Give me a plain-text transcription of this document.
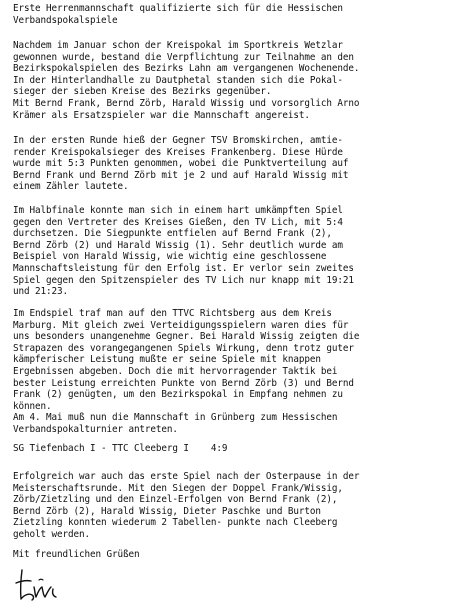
Erste Herrenmannschaft qualifizierte sich für die Hessischen
Verbandspokalspiele

Nachdem im Januar schon der Kreispokal im Sportkreis Wetzlar
gewonnen wurde, bestand die Verpflichtung zur Teilnahme an den
Bezirkspokalspielen des Bezirks Lahn am vergangenen Wochenende.
In der Hinterlandhalle zu Dautphetal standen sich die Pokal-
sieger der sieben Kreise des Bezirks gegenüber.
Mit Bernd Frank, Bernd Zörb, Harald Wissig und vorsorglich Arno
Krämer als Ersatzspieler war die Mannschaft angereist.

In der ersten Runde hieß der Gegner TSV Bromskirchen, amtie-
render Kreispokalsieger des Kreises Frankenberg. Diese Hürde
wurde mit 5:3 Punkten genommen, wobei die Punktverteilung auf
Bernd Frank und Bernd Zörb mit je 2 und auf Harald Wissig mit
einem Zähler lautete.

Im Halbfinale konnte man sich in einem hart umkämpften Spiel
gegen den Vertreter des Kreises Gießen, den TV Lich, mit 5:4
durchsetzen. Die Siegpunkte entfielen auf Bernd Frank (2),
Bernd Zörb (2) und Harald Wissig (1). Sehr deutlich wurde am
Beispiel von Harald Wissig, wie wichtig eine geschlossene
Mannschaftsleistung für den Erfolg ist. Er verlor sein zweites
Spiel gegen den Spitzenspieler des TV Lich nur knapp mit 19:21
und 21:23.

Im Endspiel traf man auf den TTVC Richtsberg aus dem Kreis
Marburg. Mit gleich zwei Verteidigungsspielern waren dies für
uns besonders unangenehme Gegner. Bei Harald Wissig zeigten die
Strapazen des vorangegangenen Spiels Wirkung, denn trotz guter
kämpferischer Leistung mußte er seine Spiele mit knappen
Ergebnissen abgeben. Doch die mit hervorragender Taktik bei
bester Leistung erreichten Punkte von Bernd Zörb (3) und Bernd
Frank (2) genügten, um den Bezirkspokal in Empfang nehmen zu
können.
Am 4. Mai muß nun die Mannschaft in Grünberg zum Hessischen
Verbandspokalturnier antreten.

SG Tiefenbach I - TTC Cleeberg I    4:9

Erfolgreich war auch das erste Spiel nach der Osterpause in der
Meisterschaftsrunde. Mit den Siegen der Doppel Frank/Wissig,
Zörb/Zietzling und den Einzel-Erfolgen von Bernd Frank (2),
Bernd Zörb (2), Harald Wissig, Dieter Paschke und Burton
Zietzling konnten wiederum 2 Tabellen- punkte nach Cleeberg
geholt werden.

Mit freundlichen Grüßen
